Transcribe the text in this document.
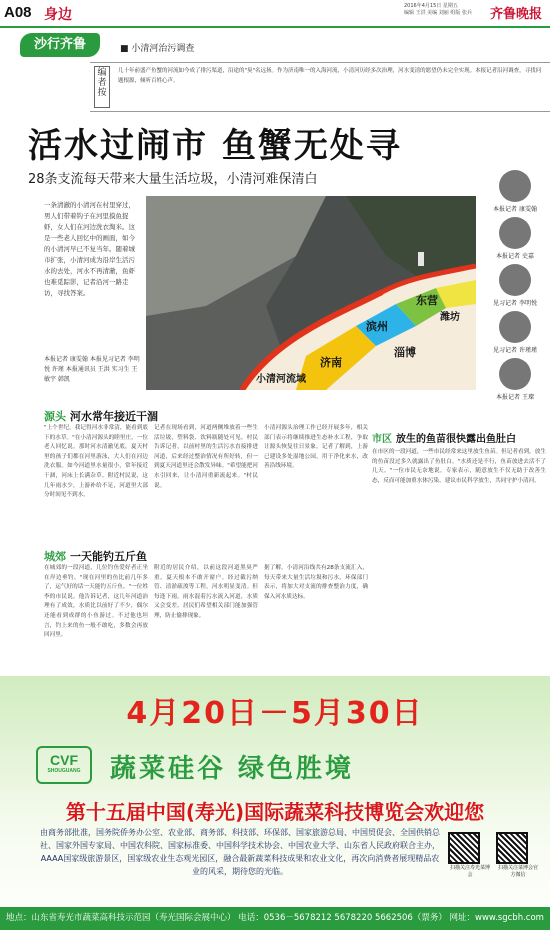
A08 身边
2016年4月15日 星期五
编辑 王洪 美编 刘丽 组版 张兵	齐鲁晚报
沙行齐鲁	■ 小清河治污调查
编者按
几十年前盛产鱼蟹的河流如今成了排污渠道，沿途的"臭"名远扬。作为济南唯一的入海河流，小清河历经多次治理，河水变清的愿望仍未完全实现。本报记者沿河调查，寻找问题根源，倾听百姓心声。
活水过闹市 鱼蟹无处寻
28条支流每天带来大量生活垃圾，小清河难保清白
一条清澈的小清河在村里穿过，男人们带着钩子在河里摸鱼捉虾，女人们在河边洗衣淘米。这是一些老人回忆中的画面，如今的小清河早已不复当年。随着城市扩张，小清河成为沿岸生活污水的去处，河水不再清澈，鱼虾也难觅踪影，记者沿河一路走访，寻找答案。
本报记者 康雯翰 本报见习记者 李明悦 许瑾 本报通讯员 王洪 实习生 王敏宇 韩凯
济南
滨州
淄博
东营
潍坊
小清河流域
本报记者 康雯翰
本报记者 史嘉
见习记者 李明悦
见习记者 许瑾瑾
本报记者 王璨
源头 河水常年接近干涸
"上个世纪，我记得河水非常清，能看到底下的水草。"在小清河源头的睦里庄，一位老人回忆说。那时河水清澈见底，夏天村里的孩子们都在河里游泳，大人们在河边洗衣服。如今河道里水量很小，常年接近干涸，河床上长满杂草。附近村民说，这几年雨水少，上游补给不足，河道里大部分时间见不到水。
记者在现场看到，河道两侧堆放着一些生活垃圾，塑料袋、饮料瓶随处可见。村民告诉记者，以前村里的生活污水直接排进河道，后来经过整治情况有所好转，但一到夏天河道里还会散发异味。"希望能把河水引回来，让小清河重新流起来。"村民说。
小清河源头治理工作已经开展多年，相关部门表示将继续推进生态补水工程，争取让源头恢复往日景象。记者了解到，上游已建设多处湿地公园，用于净化来水，改善沿线环境。
城郊 一天能钓五斤鱼
在城郊的一段河道，几位钓鱼爱好者正坐在岸边垂钓。"现在河里的鱼比前几年多了，运气好的话一天能钓五斤鱼。"一位姓李的市民说。他告诉记者，这几年河道治理有了成效，水质比以前好了不少，偶尔还能看到成群的小鱼游过。不过他也坦言，钓上来的鱼一般不敢吃，多数会再放回河里。
附近的居民介绍，以前这段河道黑臭严重，夏天根本不敢开窗户。经过截污纳管、清淤疏浚等工程，河水明显变清。但每逢下雨，雨水混着污水流入河道，水质又会变差。居民们希望相关部门能加强管理，防止偷排现象。
据了解，小清河沿线共有28条支流汇入，每天带来大量生活垃圾和污水。环保部门表示，将加大对支流的排查整治力度，确保入河水质达标。
市区 放生的鱼苗很快露出鱼肚白
在市区的一段河道，一些市民经常来这里放生鱼苗。但记者看到，放生的鱼苗没过多久就露出了鱼肚白。"水质还是不行，鱼苗放进去活不了几天。"一位市民无奈地说。专家表示，随意放生不仅无助于改善生态，反而可能加重水体污染，建议市民科学放生，共同守护小清河。
4月20日－5月30日
CVF
SHOUGUANG	蔬菜硅谷 绿色胜境
第十五届中国(寿光)国际蔬菜科技博览会欢迎您
由商务部批准，国务院侨务办公室、农业部、商务部、科技部、环保部、国家旅游总局、中国贸促会、全国供销总社、国家外国专家局、中国农科院、国家标准委、中国科学技术协会、中国农业大学、山东省人民政府联合主办，AAAA国家级旅游景区，国家级农业生态观光园区，融合最新蔬菜科技成果和农业文化，再次向消费者展现精品农业的风采，期待您的光临。	扫描关注寿光菜博会
扫描关注菜博会官方微信
地点：山东省寿光市蔬菜高科技示范园（寿光国际会展中心） 电话：0536－5678212 5678220 5662506（票务） 网址：www.sgcbh.com
